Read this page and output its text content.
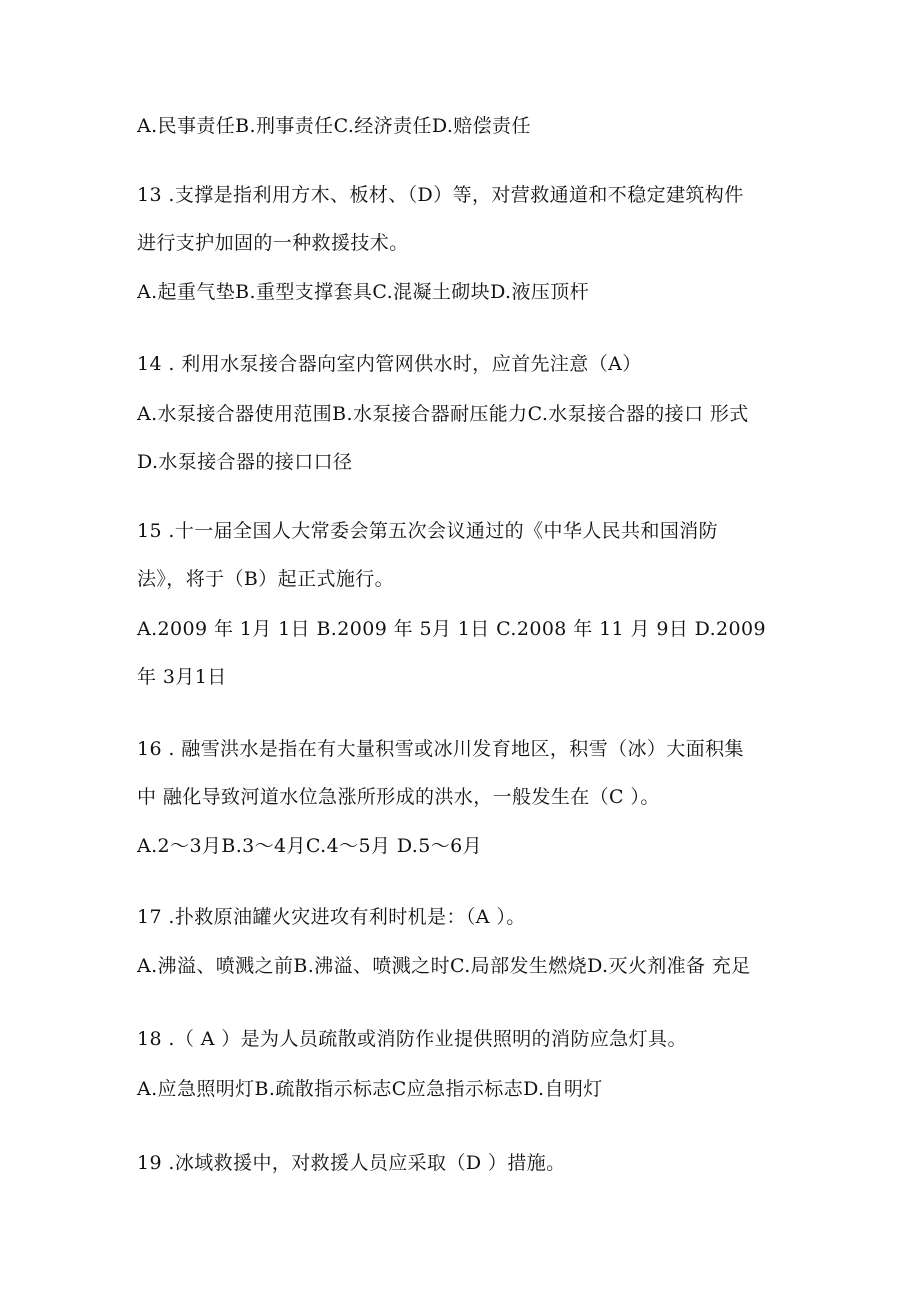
A.民事责任B.刑事责任C.经济责任D.赔偿责任
13 .支撑是指利用方木、板材、（D）等，对营救通道和不稳定建筑构件
进行支护加固的一种救援技术。
A.起重气垫B.重型支撑套具C.混凝土砌块D.液压顶杆
14 . 利用水泵接合器向室内管网供水时，应首先注意（A）
A.水泵接合器使用范围B.水泵接合器耐压能力C.水泵接合器的接口 形式
D.水泵接合器的接口口径
15 .十一届全国人大常委会第五次会议通过的《中华人民共和国消防
法》，将于（B）起正式施行。
A.2009 年 1月 1日 B.2009 年 5月 1日 C.2008 年 11 月 9日 D.2009
年 3月1日
16 . 融雪洪水是指在有大量积雪或冰川发育地区，积雪（冰）大面积集
中 融化导致河道水位急涨所形成的洪水，一般发生在（C ）。
A.2～3月B.3～4月C.4～5月 D.5～6月
17 .扑救原油罐火灾进攻有利时机是：（A ）。
A.沸溢、喷溅之前B.沸溢、喷溅之时C.局部发生燃烧D.灭火剂准备 充足
18 .（ A ）是为人员疏散或消防作业提供照明的消防应急灯具。
A.应急照明灯B.疏散指示标志C应急指示标志D.自明灯
19 .冰域救援中，对救援人员应采取（D ）措施。
